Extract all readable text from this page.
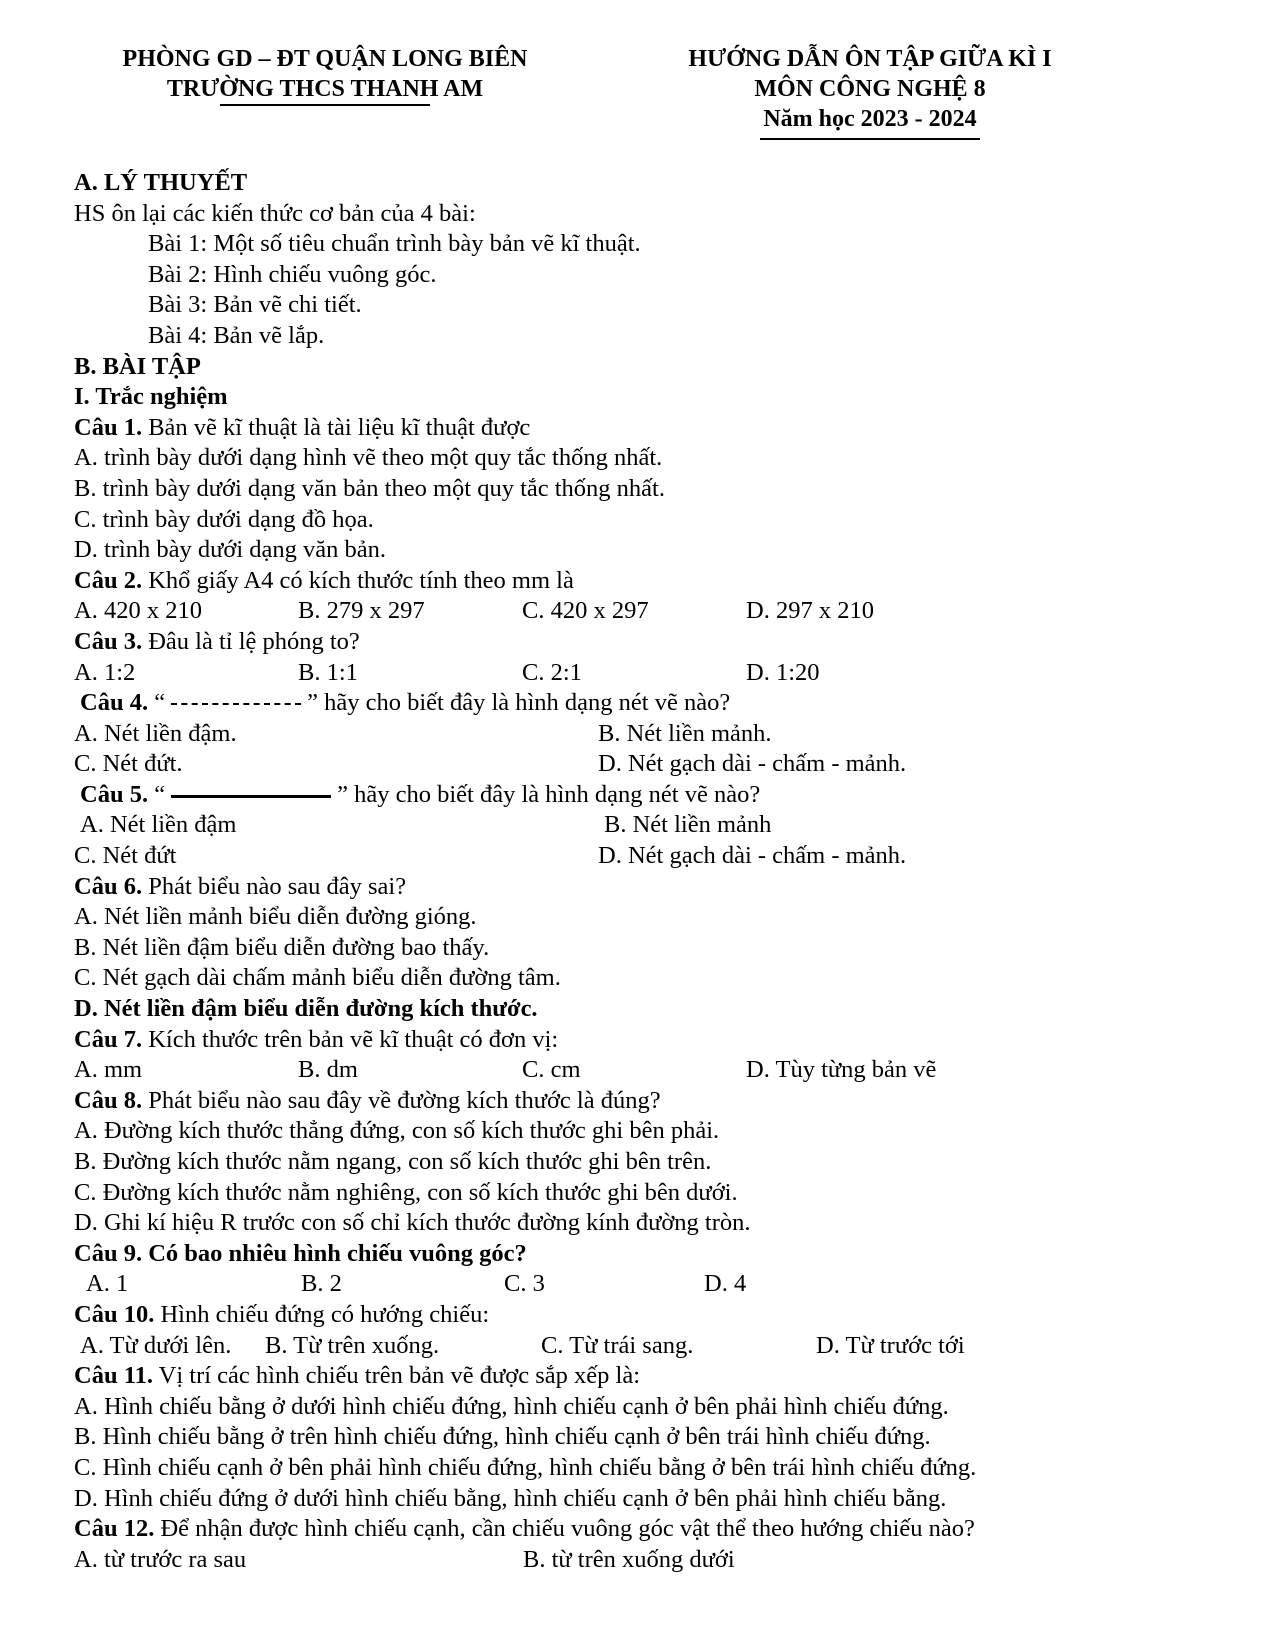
PHÒNG GD – ĐT QUẬN LONG BIÊN
TRƯỜNG THCS THANH AM
HƯỚNG DẪN ÔN TẬP GIỮA KÌ I
MÔN CÔNG NGHỆ 8
Năm học 2023 - 2024

A. LÝ THUYẾT

HS ôn lại các kiến thức cơ bản của 4 bài:

Bài 1: Một số tiêu chuẩn trình bày bản vẽ kĩ thuật.

Bài 2: Hình chiếu vuông góc.

Bài 3: Bản vẽ chi tiết.

Bài 4: Bản vẽ lắp.

B. BÀI TẬP

I. Trắc nghiệm

Câu 1. Bản vẽ kĩ thuật là tài liệu kĩ thuật được

A. trình bày dưới dạng hình vẽ theo một quy tắc thống nhất.

B. trình bày dưới dạng văn bản theo một quy tắc thống nhất.

C. trình bày dưới dạng đồ họa.

D. trình bày dưới dạng văn bản.

Câu 2. Khổ giấy A4 có kích thước tính theo mm là

A. 420 x 210	B. 279 x 297	C. 420 x 297	D. 297 x 210

Câu 3. Đâu là tỉ lệ phóng to?

A. 1:2	B. 1:1	C. 2:1	D. 1:20

Câu 4. “	” hãy cho biết đây là hình dạng nét vẽ nào?

A. Nét liền đậm.	B. Nét liền mảnh.
C. Nét đứt.	D. Nét gạch dài - chấm - mảnh.

Câu 5. “	” hãy cho biết đây là hình dạng nét vẽ nào?

A. Nét liền đậm	B. Nét liền mảnh
C. Nét đứt	D. Nét gạch dài - chấm - mảnh.

Câu 6. Phát biểu nào sau đây sai?

A. Nét liền mảnh biểu diễn đường gióng.

B. Nét liền đậm biểu diễn đường bao thấy.

C. Nét gạch dài chấm mảnh biểu diễn đường tâm.

D. Nét liền đậm biểu diễn đường kích thước.

Câu 7. Kích thước trên bản vẽ kĩ thuật có đơn vị:

A. mm	B. dm	C. cm	D. Tùy từng bản vẽ

Câu 8. Phát biểu nào sau đây về đường kích thước là đúng?

A. Đường kích thước thẳng đứng, con số kích thước ghi bên phải.

B. Đường kích thước nằm ngang, con số kích thước ghi bên trên.

C. Đường kích thước nằm nghiêng, con số kích thước ghi bên dưới.

D. Ghi kí hiệu R trước con số chỉ kích thước đường kính đường tròn.

Câu 9. Có bao nhiêu hình chiếu vuông góc?

A. 1	B. 2	C. 3	D. 4

Câu 10. Hình chiếu đứng có hướng chiếu:

A. Từ dưới lên.	B. Từ trên xuống.	C. Từ trái sang.	D. Từ trước tới

Câu 11. Vị trí các hình chiếu trên bản vẽ được sắp xếp là:

A. Hình chiếu bằng ở dưới hình chiếu đứng, hình chiếu cạnh ở bên phải hình chiếu đứng.

B. Hình chiếu bằng ở trên hình chiếu đứng, hình chiếu cạnh ở bên trái hình chiếu đứng.

C. Hình chiếu cạnh ở bên phải hình chiếu đứng, hình chiếu bằng ở bên trái hình chiếu đứng.

D. Hình chiếu đứng ở dưới hình chiếu bằng, hình chiếu cạnh ở bên phải hình chiếu bằng.

Câu 12. Để nhận được hình chiếu cạnh, cần chiếu vuông góc vật thể theo hướng chiếu nào?

A. từ trước ra sau	B. từ trên xuống dưới
